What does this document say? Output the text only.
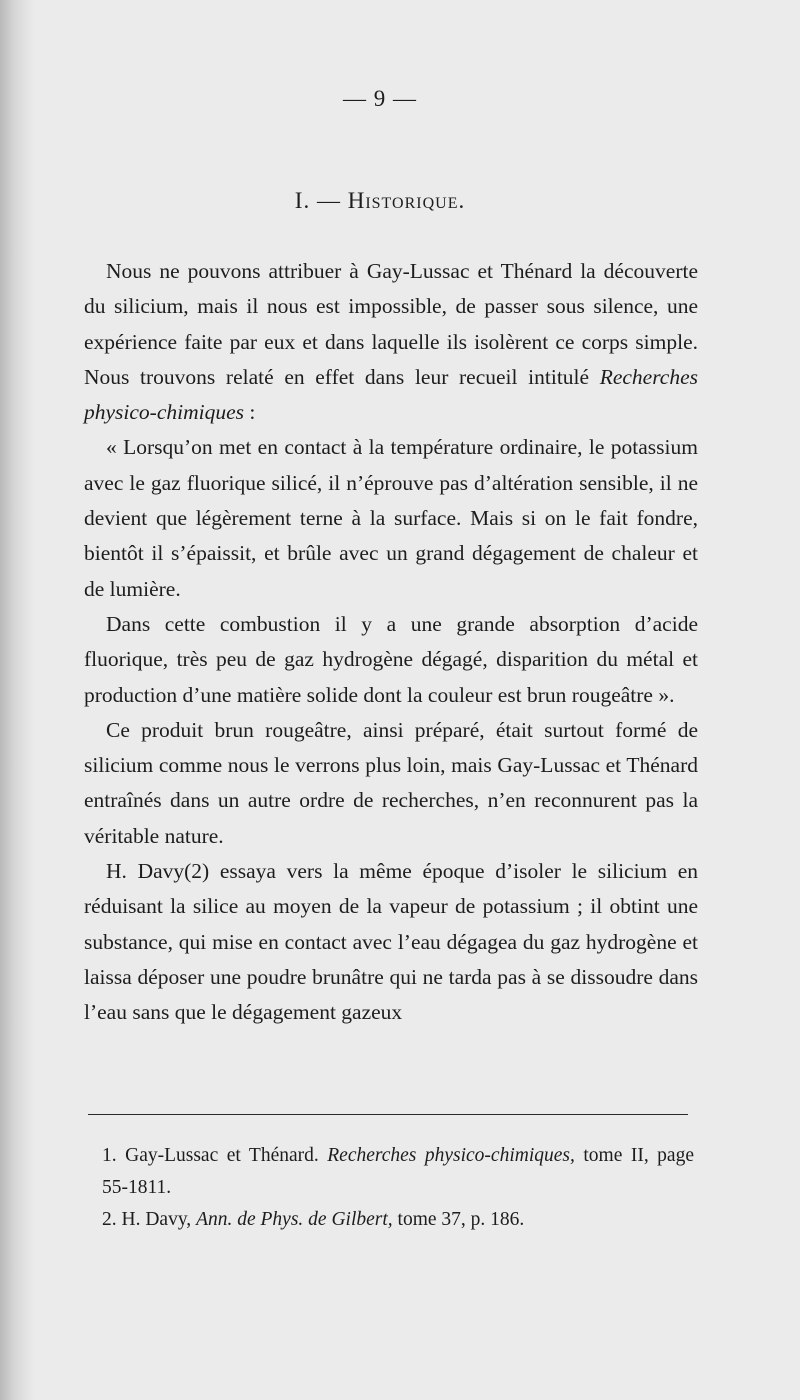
— 9 —
I. — Historique.

Nous ne pouvons attribuer à Gay-Lussac et Thénard la découverte du silicium, mais il nous est impossible, de passer sous silence, une expérience faite par eux et dans laquelle ils isolèrent ce corps simple. Nous trouvons relaté en effet dans leur recueil intitulé Recherches physico-chimiques :

« Lorsqu’on met en contact à la température ordinaire, le potassium avec le gaz fluorique silicé, il n’éprouve pas d’altération sensible, il ne devient que légèrement terne à la surface. Mais si on le fait fondre, bientôt il s’épaissit, et brûle avec un grand dégagement de chaleur et de lumière.

Dans cette combustion il y a une grande absorption d’acide fluorique, très peu de gaz hydrogène dégagé, disparition du métal et production d’une matière solide dont la couleur est brun rougeâtre ».

Ce produit brun rougeâtre, ainsi préparé, était surtout formé de silicium comme nous le verrons plus loin, mais Gay-Lussac et Thénard entraînés dans un autre ordre de recherches, n’en reconnurent pas la véritable nature.

H. Davy(2) essaya vers la même époque d’isoler le silicium en réduisant la silice au moyen de la vapeur de potassium ; il obtint une substance, qui mise en contact avec l’eau dégagea du gaz hydrogène et laissa déposer une poudre brunâtre qui ne tarda pas à se dissoudre dans l’eau sans que le dégagement gazeux

1. Gay-Lussac et Thénard. Recherches physico-chimiques, tome II, page 55-1811.
2. H. Davy, Ann. de Phys. de Gilbert, tome 37, p. 186.
